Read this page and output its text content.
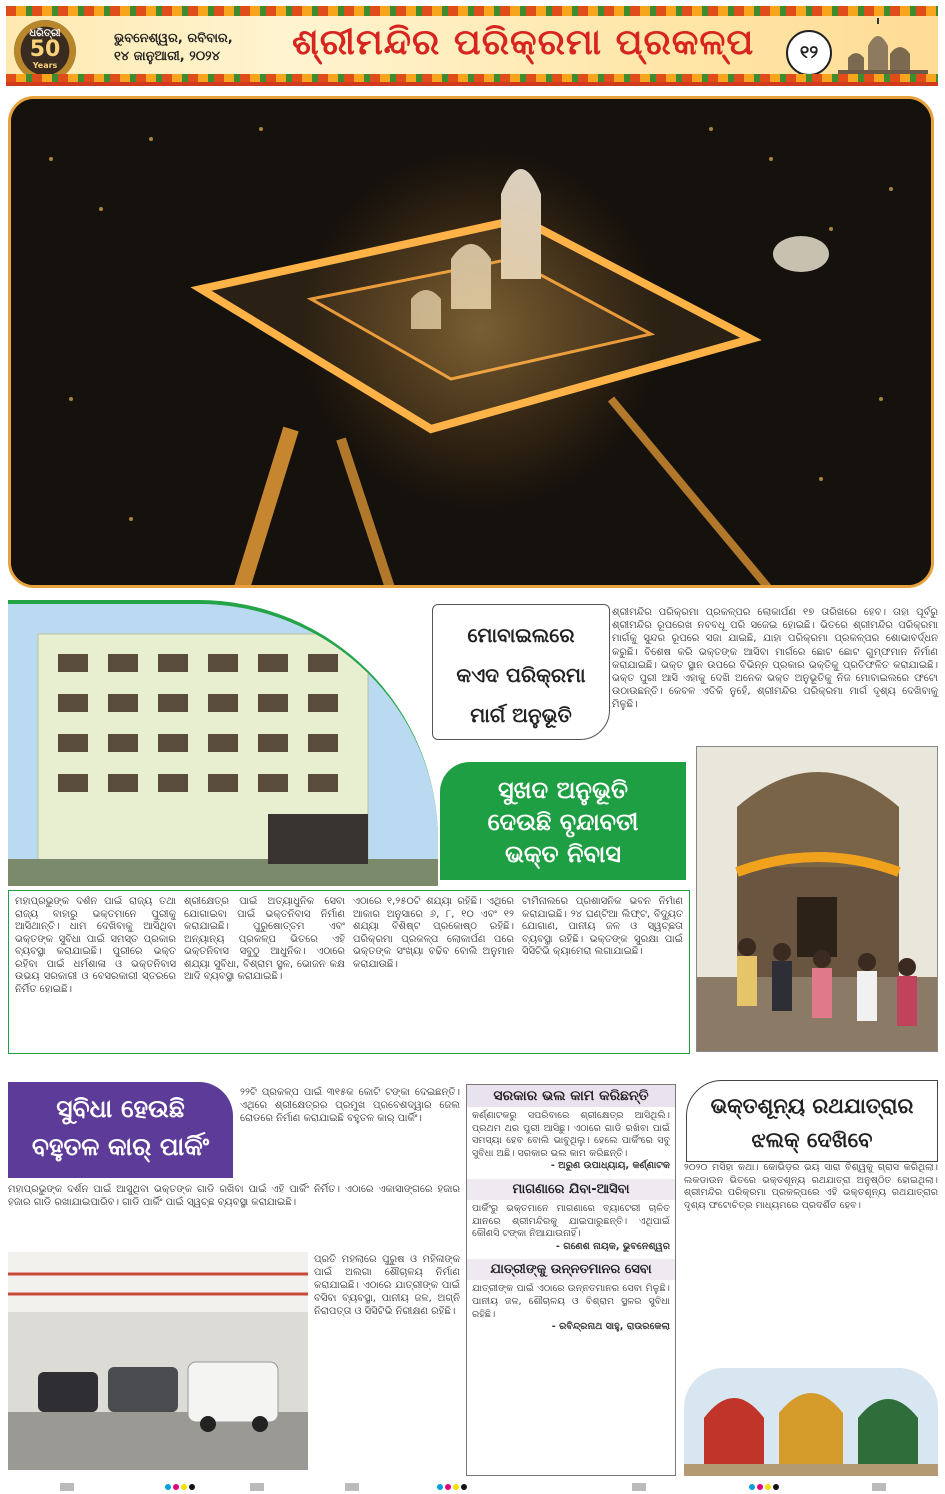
ଧରିତ୍ରୀ
50
Years
ଭୁବନେଶ୍ୱର, ରବିବାର,
୧୪ ଜାନୁଆରୀ, ୨୦୨୪	ଶ୍ରୀମନ୍ଦିର ପରିକ୍ରମା ପ୍ରକଳ୍ପ	୧୨
ମୋବାଇଲରେ
କଏଦ ପରିକ୍ରମା
ମାର୍ଗ ଅନୁଭୂତି

ଶ୍ରୀମନ୍ଦିର ପରିକ୍ରମା ପ୍ରକଳ୍ପର ଲୋକାର୍ପଣ ୧୭ ତାରିଖରେ ହେବ। ତାହା ପୂର୍ବରୁ ଶ୍ରୀମନ୍ଦିର ରୂପରେଖ ନବବଧୂ ପରି ସଜେଇ ହୋଇଛି। ଭିତରେ ଶ୍ରୀମନ୍ଦିର ପରିକ୍ରମା ମାର୍ଗକୁ ସୁନ୍ଦର ରୂପରେ ସଜା ଯାଇଛି, ଯାହା ପରିକ୍ରମା ପ୍ରକଳ୍ପର ଶୋଭାବର୍ଦ୍ଧନ କରୁଛି। ବିଶେଷ କରି ଭକ୍ତଙ୍କ ଆସିବା ମାର୍ଗରେ ଛୋଟ ଛୋଟ ଗୁମ୍ଫମାନ ନିର୍ମାଣ କରାଯାଇଛି। ଭକ୍ତ ସ୍ଥାନ ଉପରେ ବିଭିନ୍ନ ପ୍ରକାର ଭକ୍ତିକୁ ପ୍ରତିଫଳିତ କରାଯାଇଛି। ଭକ୍ତ ପୁରୀ ଆସି ଏହାକୁ ଦେଖି ଅନେକ ଭକ୍ତ ଅନୁଭୂତିକୁ ନିଜ ମୋବାଇଲରେ ଫଟୋ ଉଠାଉଛନ୍ତି। କେବଳ ଏତିକି ନୁହେଁ, ଶ୍ରୀମନ୍ଦିର ପରିକ୍ରମା ମାର୍ଗ ଦୃଶ୍ୟ ଦେଖିବାକୁ ମିଳୁଛି।

ସୁଖଦ ଅନୁଭୂତି
ଦେଉଛି ବୃନ୍ଦାବତୀ
ଭକ୍ତ ନିବାସ

ମହାପ୍ରଭୁଙ୍କ ଦର୍ଶନ ପାଇଁ ରାଜ୍ୟ ତଥା ରାଜ୍ୟ ବାହାରୁ ଭକ୍ତମାନେ ପୁରୀକୁ ଆସିଥାନ୍ତି। ଧାମ ଦେଖିବାକୁ ଆସିଥିବା ଭକ୍ତଙ୍କ ସୁବିଧା ପାଇଁ ସମସ୍ତ ପ୍ରକାର ବ୍ୟବସ୍ଥା କରାଯାଇଛି। ପୁରୀରେ ଭକ୍ତ ରହିବା ପାଇଁ ଧର୍ମଶାଳା ଓ ଭକ୍ତନିବାସ ଉଭୟ ସରକାରୀ ଓ ବେସରକାରୀ ସ୍ତରରେ ନିର୍ମିତ ହୋଇଛି।

ଶ୍ରୀକ୍ଷେତ୍ର ପାଇଁ ଅତ୍ୟାଧୁନିକ ସେବା ଯୋଗାଇବା ପାଇଁ ଭକ୍ତନିବାସ ନିର୍ମାଣ କରାଯାଇଛି। ପୁରୁଷୋତ୍ତମ ଏବଂ ଅନ୍ୟାନ୍ୟ ପ୍ରକଳ୍ପ ଭିତରେ ଏହି ଭକ୍ତନିବାସ ସବୁଠୁ ଆଧୁନିକ। ଏଠାରେ ଶଯ୍ୟା ସୁବିଧା, ବିଶ୍ରାମ ସ୍ଥଳ, ଭୋଜନ କକ୍ଷ ଆଦି ବ୍ୟବସ୍ଥା କରାଯାଇଛି।

ଏଠାରେ ୧,୨୫୦ଟି ଶଯ୍ୟା ରହିଛି। ଏଥିରେ ଆକାର ଅନୁସାରେ ୬, ୮, ୧୦ ଏବଂ ୧୨ ଶଯ୍ୟା ବିଶିଷ୍ଟ ପ୍ରକୋଷ୍ଠ ରହିଛି। ପରିକ୍ରମା ପ୍ରକଳ୍ପ ଲୋକାର୍ପଣ ପରେ ଭକ୍ତଙ୍କ ସଂଖ୍ୟା ବଢିବ ବୋଲି ଅନୁମାନ କରାଯାଉଛି।

ଟାର୍ମିନାଲରେ ପ୍ରଶାସନିକ ଭବନ ନିର୍ମାଣ କରାଯାଇଛି। ୨୪ ଘଣ୍ଟିଆ ଲିଫ୍ଟ, ବିଦ୍ୟୁତ ଯୋଗାଣ, ପାନୀୟ ଜଳ ଓ ସ୍ୱଚ୍ଛତା ବ୍ୟବସ୍ଥା ରହିଛି। ଭକ୍ତଙ୍କ ସୁରକ୍ଷା ପାଇଁ ସିସିଟିଭି କ୍ୟାମେରା ଲଗାଯାଇଛି।

ସୁବିଧା ହେଉଛି
ବହୁତଳ କାର୍ ପାର୍କିଂ

୨୨ଟି ପ୍ରକଳ୍ପ ପାଇଁ ୩୧୫କ କୋଟି ଟଙ୍କା ଦେଇଛନ୍ତି। ଏଥିରେ ଶ୍ରୀକ୍ଷେତ୍ରର ପ୍ରମୁଖ ପ୍ରବେଶଦ୍ୱାର ଜେଲ ରୋଡରେ ନିର୍ମାଣ କରାଯାଇଛି ବହୁତଳ କାର୍ ପାର୍କିଂ।

ମହାପ୍ରଭୁଙ୍କ ଦର୍ଶନ ପାଇଁ ଆସୁଥିବା ଭକ୍ତଙ୍କ ଗାଡି ରଖିବା ପାଇଁ ଏହି ପାର୍କିଂ ନିର୍ମିତ। ଏଠାରେ ଏକାସାଙ୍ଗରେ ହଜାର ହଜାର ଗାଡି ରଖାଯାଇପାରିବ। ଗାଡି ପାର୍କିଂ ପାଇଁ ସ୍ୱଚ୍ଛ ବ୍ୟବସ୍ଥା କରାଯାଇଛି।

ପ୍ରତି ମହଲାରେ ପୁରୁଷ ଓ ମହିଳାଙ୍କ ପାଇଁ ଅଲଗା ଶୌଚାଳୟ ନିର୍ମାଣ କରାଯାଇଛି। ଏଠାରେ ଯାତ୍ରୀଙ୍କ ପାଇଁ ବସିବା ବ୍ୟବସ୍ଥା, ପାନୀୟ ଜଳ, ଅଗ୍ନି ନିରାପତ୍ତା ଓ ସିସିଟିଭି ନିରୀକ୍ଷଣ ରହିଛି।

ସରକାର ଭଲ କାମ କରିଛନ୍ତି

କର୍ଣ୍ଣାଟକରୁ ସପରିବାରେ ଶ୍ରୀକ୍ଷେତ୍ର ଆସିଥିଲି। ପ୍ରଥମ ଥର ପୁରୀ ଆସିଛୁ। ଏଠାରେ ଗାଡି ରଖିବା ପାଇଁ ସମସ୍ୟା ହେବ ବୋଲି ଭାବୁଥିଲୁ। ହେଲେ ପାର୍କିଂରେ ସବୁ ସୁବିଧା ଅଛି। ସରକାର ଭଲ କାମ କରିଛନ୍ତି।

- ଅରୁଣ ଉପାଧ୍ୟାୟ, କର୍ଣ୍ଣାଟକ

ମାଗଣାରେ ଯିବା-ଆସିବା

ପାର୍କିଂରୁ ଭକ୍ତମାନେ ମାଗଣାରେ ବ୍ୟାଟେରୀ ଚାଳିତ ଯାନରେ ଶ୍ରୀମନ୍ଦିରକୁ ଯାଇପାରୁଛନ୍ତି। ଏଥିପାଇଁ କୌଣସି ଟଙ୍କା ନିଆଯାଉନାହିଁ।

- ଗଣେଶ ନାୟକ, ଭୁବନେଶ୍ୱର

ଯାତ୍ରୀଙ୍କୁ ଉନ୍ନତମାନର ସେବା

ଯାତ୍ରୀଙ୍କ ପାଇଁ ଏଠାରେ ଉନ୍ନତମାନର ସେବା ମିଳୁଛି। ପାନୀୟ ଜଳ, ଶୌଚାଳୟ ଓ ବିଶ୍ରାମ ସ୍ଥଳର ସୁବିଧା ରହିଛି।

- ରବିନ୍ଦ୍ରନାଥ ସାହୁ, ରାଉରକେଲା

ଭକ୍ତଶୂନ୍ୟ ରଥଯାତ୍ରାର
ଝଲକ୍ ଦେଖିବେ

୨୦୨୦ ମସିହା କଥା। କୋଭିଡ଼ର ଭୟ ସାରା ବିଶ୍ୱକୁ ଗ୍ରାସ କରିଥିଲା। ଲକଡାଉନ ଭିତରେ ଭକ୍ତଶୂନ୍ୟ ରଥଯାତ୍ରା ଅନୁଷ୍ଠିତ ହୋଇଥିଲା। ଶ୍ରୀମନ୍ଦିର ପରିକ୍ରମା ପ୍ରକଳ୍ପରେ ଏହି ଭକ୍ତଶୂନ୍ୟ ରଥଯାତ୍ରାର ଦୃଶ୍ୟ ଫଟୋଚିତ୍ର ମାଧ୍ୟମରେ ପ୍ରଦର୍ଶିତ ହେବ।
